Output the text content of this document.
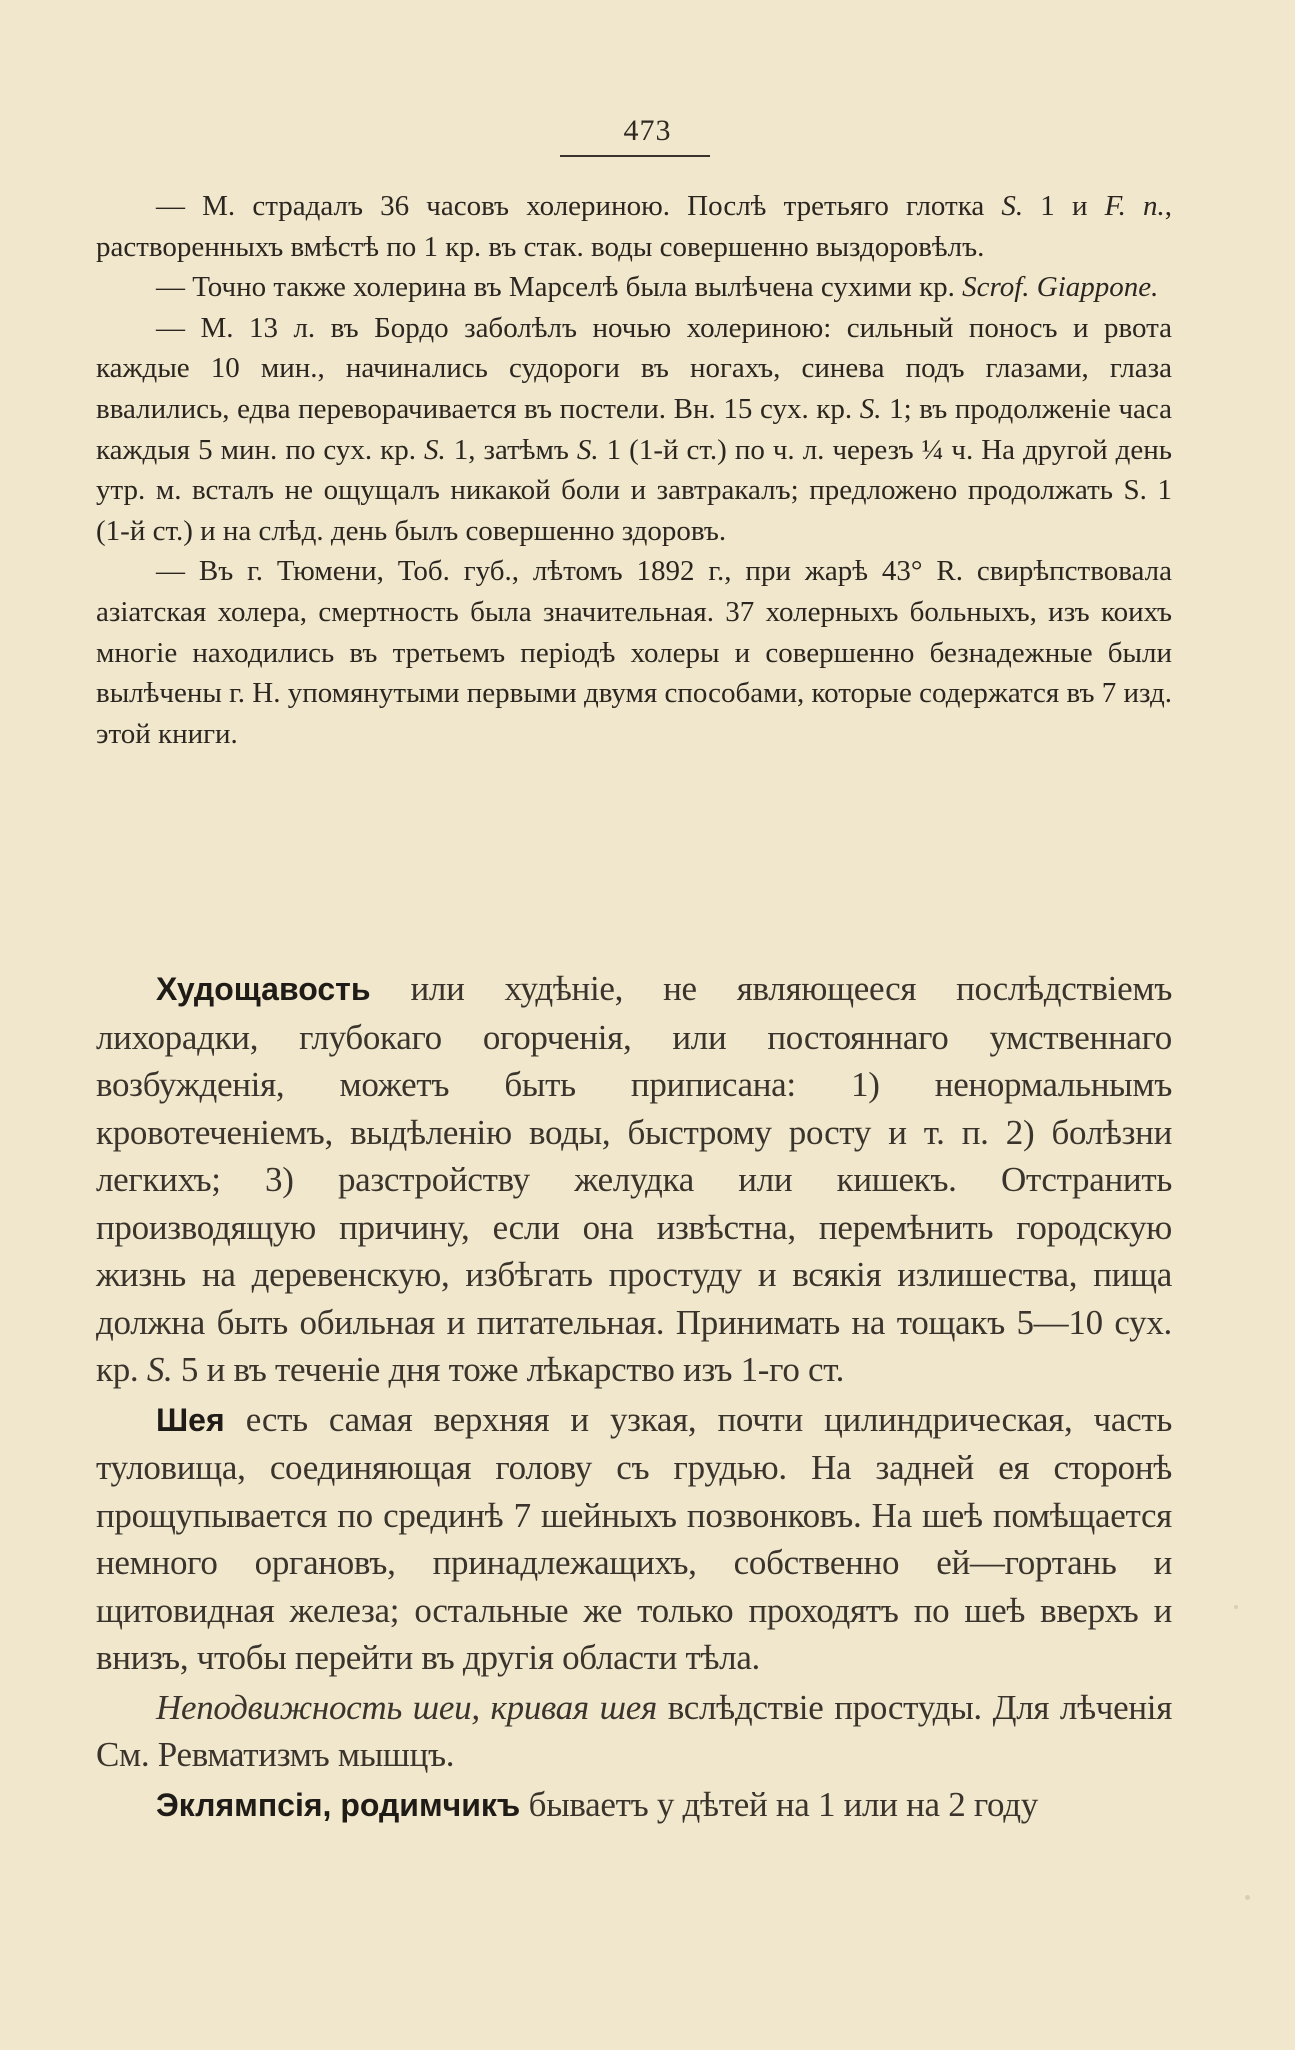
473

— М. страдалъ 36 часовъ холериною. Послѣ третьяго глотка S. 1 и F. n., растворенныхъ вмѣстѣ по 1 кр. въ стак. воды совершенно выздоровѣлъ.

— Точно также холерина въ Марселѣ была вылѣчена сухими кр. Scrof. Giappone.

— М. 13 л. въ Бордо заболѣлъ ночью холериною: сильный поносъ и рвота каждые 10 мин., начинались судороги въ ногахъ, синева подъ глазами, глаза ввалились, едва переворачивается въ постели. Вн. 15 сух. кр. S. 1; въ продолженіе часа каждыя 5 мин. по сух. кр. S. 1, затѣмъ S. 1 (1-й ст.) по ч. л. черезъ ¼ ч. На другой день утр. м. всталъ не ощущалъ никакой боли и завтракалъ; предложено продолжать S. 1 (1-й ст.) и на слѣд. день былъ совершенно здоровъ.

— Въ г. Тюмени, Тоб. губ., лѣтомъ 1892 г., при жарѣ 43° R. свирѣпствовала азіатская холера, смертность была значительная. 37 холерныхъ больныхъ, изъ коихъ многіе находились въ третьемъ періодѣ холеры и совершенно безнадежные были вылѣчены г. Н. упомянутыми первыми двумя способами, которые содержатся въ 7 изд. этой книги.

Худощавость или худѣніе, не являющееся послѣдствіемъ лихорадки, глубокаго огорченія, или постояннаго умственнаго возбужденія, можетъ быть приписана: 1) ненормальнымъ кровотеченіемъ, выдѣленію воды, быстрому росту и т. п. 2) болѣзни легкихъ; 3) разстройству желудка или кишекъ. Отстранить производящую причину, если она извѣстна, перемѣнить городскую жизнь на деревенскую, избѣгать простуду и всякія излишества, пища должна быть обильная и питательная. Принимать на тощакъ 5—10 сух. кр. S. 5 и въ теченіе дня тоже лѣкарство изъ 1-го ст.

Шея есть самая верхняя и узкая, почти цилиндрическая, часть туловища, соединяющая голову съ грудью. На задней ея сторонѣ прощупывается по срединѣ 7 шейныхъ позвонковъ. На шеѣ помѣщается немного органовъ, принадлежащихъ, собственно ей—гортань и щитовидная железа; остальные же только проходятъ по шеѣ вверхъ и внизъ, чтобы перейти въ другія области тѣла.

Неподвижность шеи, кривая шея вслѣдствіе простуды. Для лѣченія См. Ревматизмъ мышцъ.

Эклямпсія, родимчикъ бываетъ у дѣтей на 1 или на 2 году
